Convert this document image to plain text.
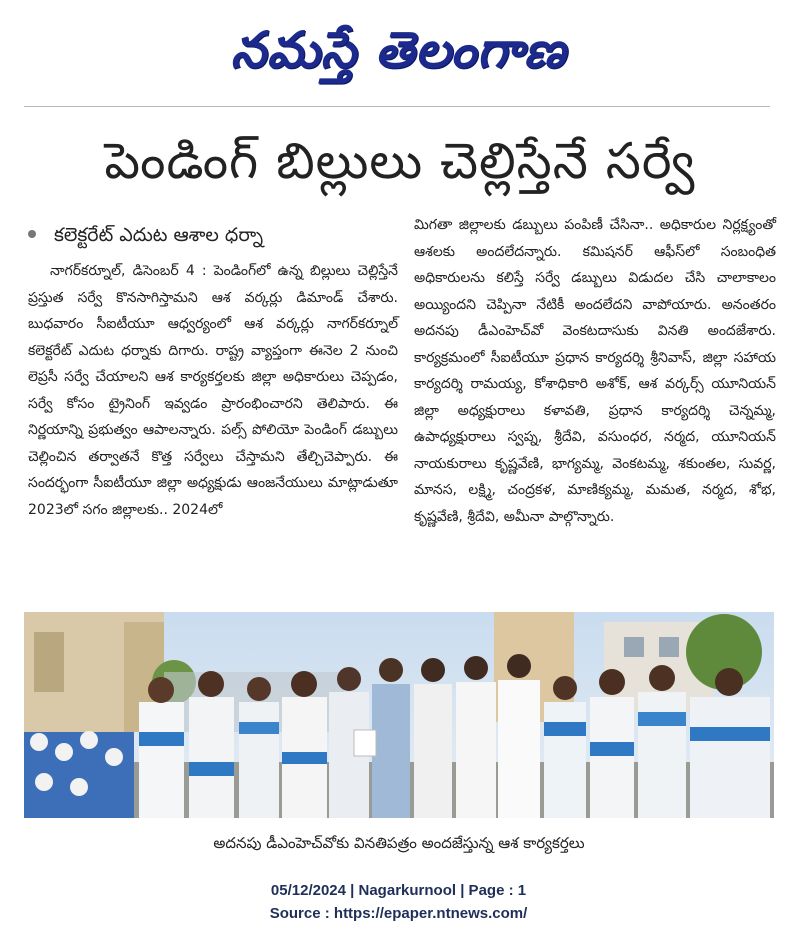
నమస్తే తెలంగాణ
పెండింగ్ బిల్లులు చెల్లిస్తేనే సర్వే
కలెక్టరేట్ ఎదుట ఆశాల ధర్నా

నాగర్‌కర్నూల్, డిసెంబర్ 4 : పెండింగ్‌లో ఉన్న బిల్లులు చెల్లిస్తేనే ప్రస్తుత సర్వే కొనసాగిస్తామని ఆశ వర్కర్లు డిమాండ్ చేశారు. బుధవారం సీఐటీయూ ఆధ్వర్యంలో ఆశ వర్కర్లు నాగర్‌కర్నూల్ కలెక్టరేట్ ఎదుట ధర్నాకు దిగారు. రాష్ట్ర వ్యాప్తంగా ఈనెల 2 నుంచి లెప్రసీ సర్వే చేయాలని ఆశ కార్యకర్తలకు జిల్లా అధికారులు చెప్పడం, సర్వే కోసం ట్రైనింగ్ ఇవ్వడం ప్రారంభించారని తెలిపారు. ఈ నిర్ణయాన్ని ప్రభుత్వం ఆపాలన్నారు. పల్స్ పోలియో పెండింగ్ డబ్బులు చెల్లించిన తర్వాతనే కొత్త సర్వేలు చేస్తామని తేల్చిచెప్పారు. ఈ సందర్భంగా సీఐటీయూ జిల్లా అధ్యక్షుడు ఆంజనేయులు మాట్లాడుతూ 2023లో సగం జిల్లాలకు.. 2024లో

మిగతా జిల్లాలకు డబ్బులు పంపిణీ చేసినా.. అధికారుల నిర్లక్ష్యంతో ఆశలకు అందలేదన్నారు. కమిషనర్ ఆఫీస్‌లో సంబంధిత అధికారులను కలిస్తే సర్వే డబ్బులు విడుదల చేసి చాలాకాలం అయ్యిందని చెప్పినా నేటికీ అందలేదని వాపోయారు. అనంతరం అదనపు డీఎంహెచ్‌వో వెంకటదాసుకు వినతి అందజేశారు. కార్యక్రమంలో సీఐటీయూ ప్రధాన కార్యదర్శి శ్రీనివాస్, జిల్లా సహాయ కార్యదర్శి రామయ్య, కోశాధికారి అశోక్, ఆశ వర్కర్స్ యూనియన్ జిల్లా అధ్యక్షురాలు కళావతి, ప్రధాన కార్యదర్శి చెన్నమ్మ, ఉపాధ్యక్షురాలు స్వప్న, శ్రీదేవి, వసుంధర, నర్మద, యూనియన్ నాయకురాలు కృష్ణవేణి, భాగ్యమ్మ, వెంకటమ్మ, శకుంతల, సువర్ణ, మానస, లక్ష్మి, చంద్రకళ, మాణిక్యమ్మ, మమత, నర్మద, శోభ, కృష్ణవేణి, శ్రీదేవి, అమీనా పాల్గొన్నారు.

అదనపు డీఎంహెచ్‌వోకు వినతిపత్రం అందజేస్తున్న ఆశ కార్యకర్తలు
05/12/2024 | Nagarkurnool | Page : 1
Source : https://epaper.ntnews.com/
